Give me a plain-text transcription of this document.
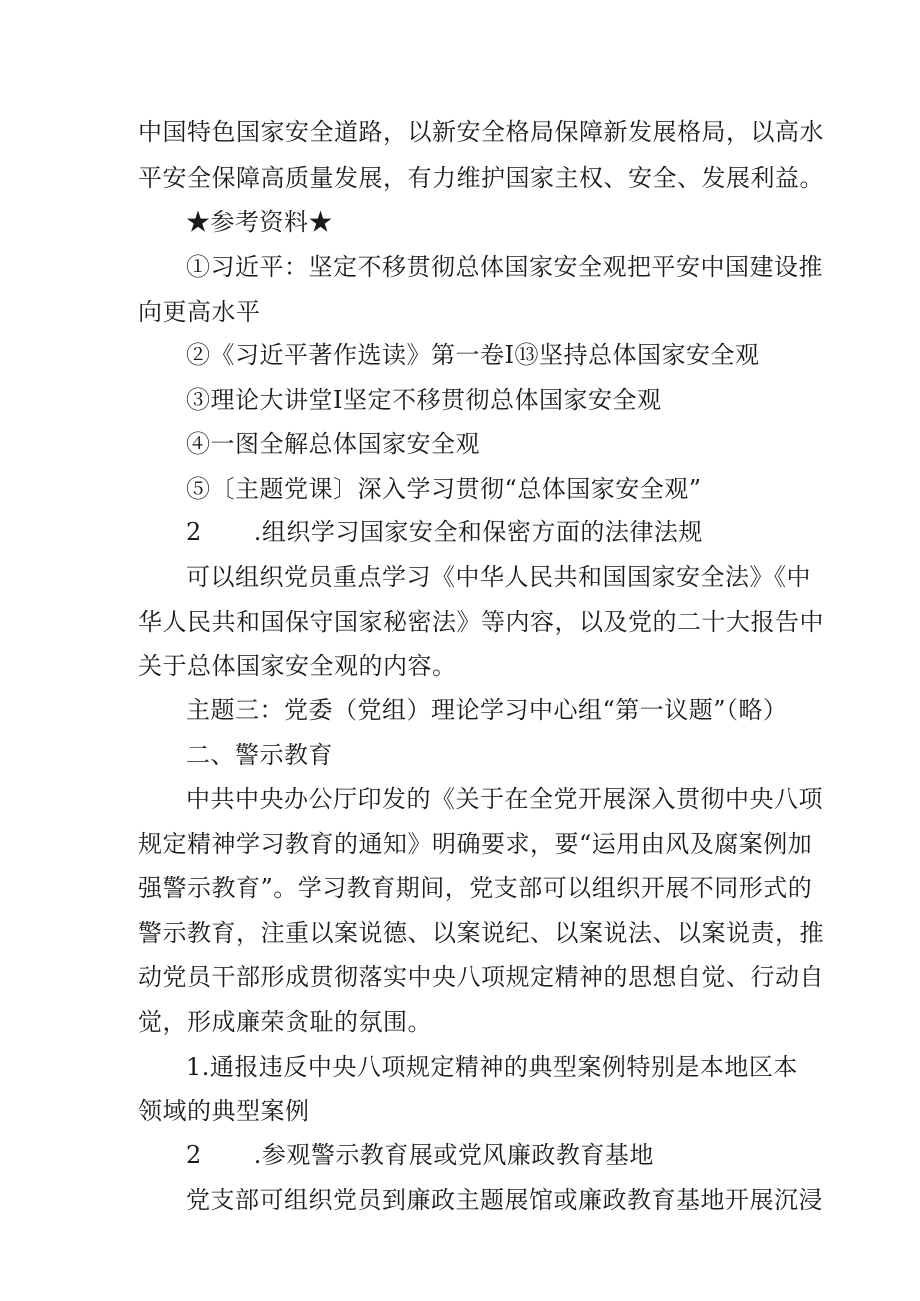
中国特色国家安全道路，以新安全格局保障新发展格局，以高水
平安全保障高质量发展，有力维护国家主权、安全、发展利益。
★参考资料★
①习近平：坚定不移贯彻总体国家安全观把平安中国建设推
向更高水平
②《习近平著作选读》第一卷I⑬坚持总体国家安全观
③理论大讲堂I坚定不移贯彻总体国家安全观
④一图全解总体国家安全观
⑤〔主题党课〕深入学习贯彻“总体国家安全观”
2 .组织学习国家安全和保密方面的法律法规
可以组织党员重点学习《中华人民共和国国家安全法》《中
华人民共和国保守国家秘密法》等内容，以及党的二十大报告中
关于总体国家安全观的内容。
主题三：党委（党组）理论学习中心组“第一议题”（略）
二、警示教育
中共中央办公厅印发的《关于在全党开展深入贯彻中央八项
规定精神学习教育的通知》明确要求，要“运用由风及腐案例加
强警示教育”。学习教育期间，党支部可以组织开展不同形式的
警示教育，注重以案说德、以案说纪、以案说法、以案说责，推
动党员干部形成贯彻落实中央八项规定精神的思想自觉、行动自
觉，形成廉荣贪耻的氛围。
1.通报违反中央八项规定精神的典型案例特别是本地区本
领域的典型案例
2 .参观警示教育展或党风廉政教育基地
党支部可组织党员到廉政主题展馆或廉政教育基地开展沉浸
